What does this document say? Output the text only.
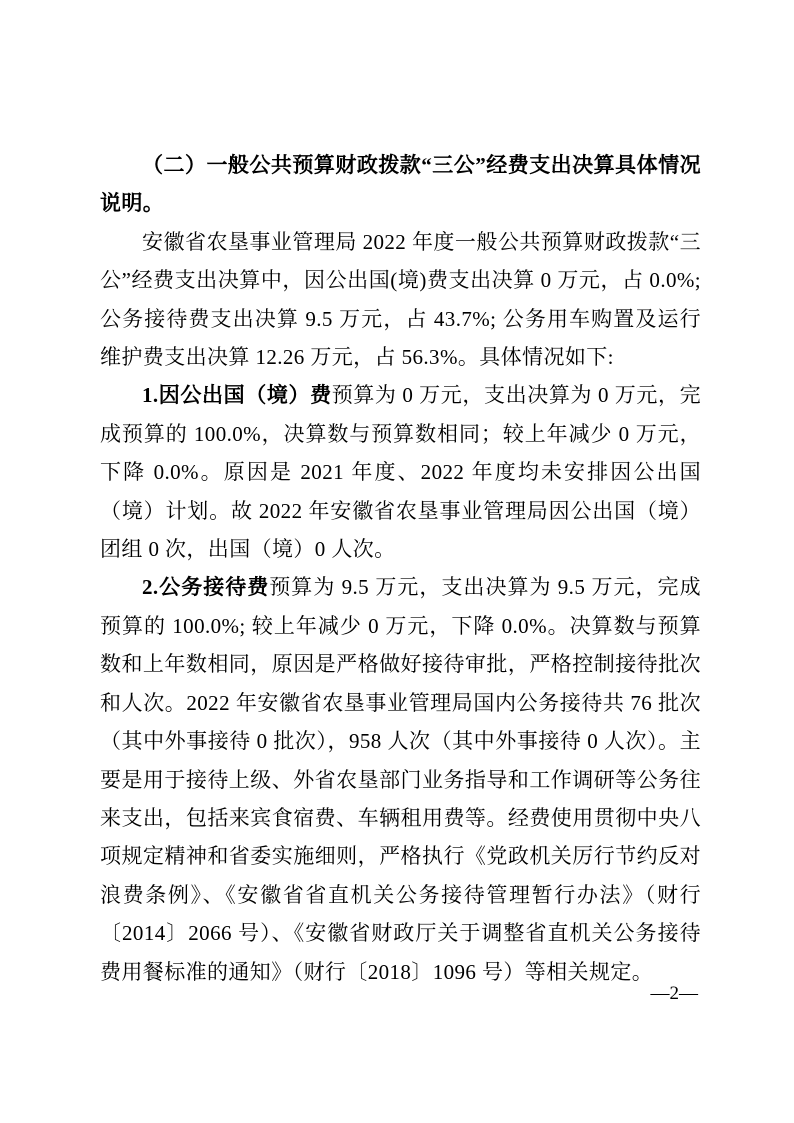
（二）一般公共预算财政拨款“三公”经费支出决算具体情况说明。

安徽省农垦事业管理局 2022 年度一般公共预算财政拨款“三公”经费支出决算中，因公出国(境)费支出决算 0 万元，占 0.0%; 公务接待费支出决算 9.5 万元，占 43.7%; 公务用车购置及运行维护费支出决算 12.26 万元，占 56.3%。具体情况如下:

1.因公出国（境）费预算为 0 万元，支出决算为 0 万元，完成预算的 100.0%，决算数与预算数相同；较上年减少 0 万元，下降 0.0%。原因是 2021 年度、2022 年度均未安排因公出国（境）计划。故 2022 年安徽省农垦事业管理局因公出国（境）团组 0 次，出国（境）0 人次。

2.公务接待费预算为 9.5 万元，支出决算为 9.5 万元，完成预算的 100.0%; 较上年减少 0 万元，下降 0.0%。决算数与预算数和上年数相同，原因是严格做好接待审批，严格控制接待批次和人次。2022 年安徽省农垦事业管理局国内公务接待共 76 批次（其中外事接待 0 批次），958 人次（其中外事接待 0 人次）。主要是用于接待上级、外省农垦部门业务指导和工作调研等公务往来支出，包括来宾食宿费、车辆租用费等。经费使用贯彻中央八项规定精神和省委实施细则，严格执行《党政机关厉行节约反对浪费条例》、《安徽省省直机关公务接待管理暂行办法》（财行〔2014〕2066 号）、《安徽省财政厅关于调整省直机关公务接待费用餐标准的通知》（财行〔2018〕1096 号）等相关规定。

—2—
